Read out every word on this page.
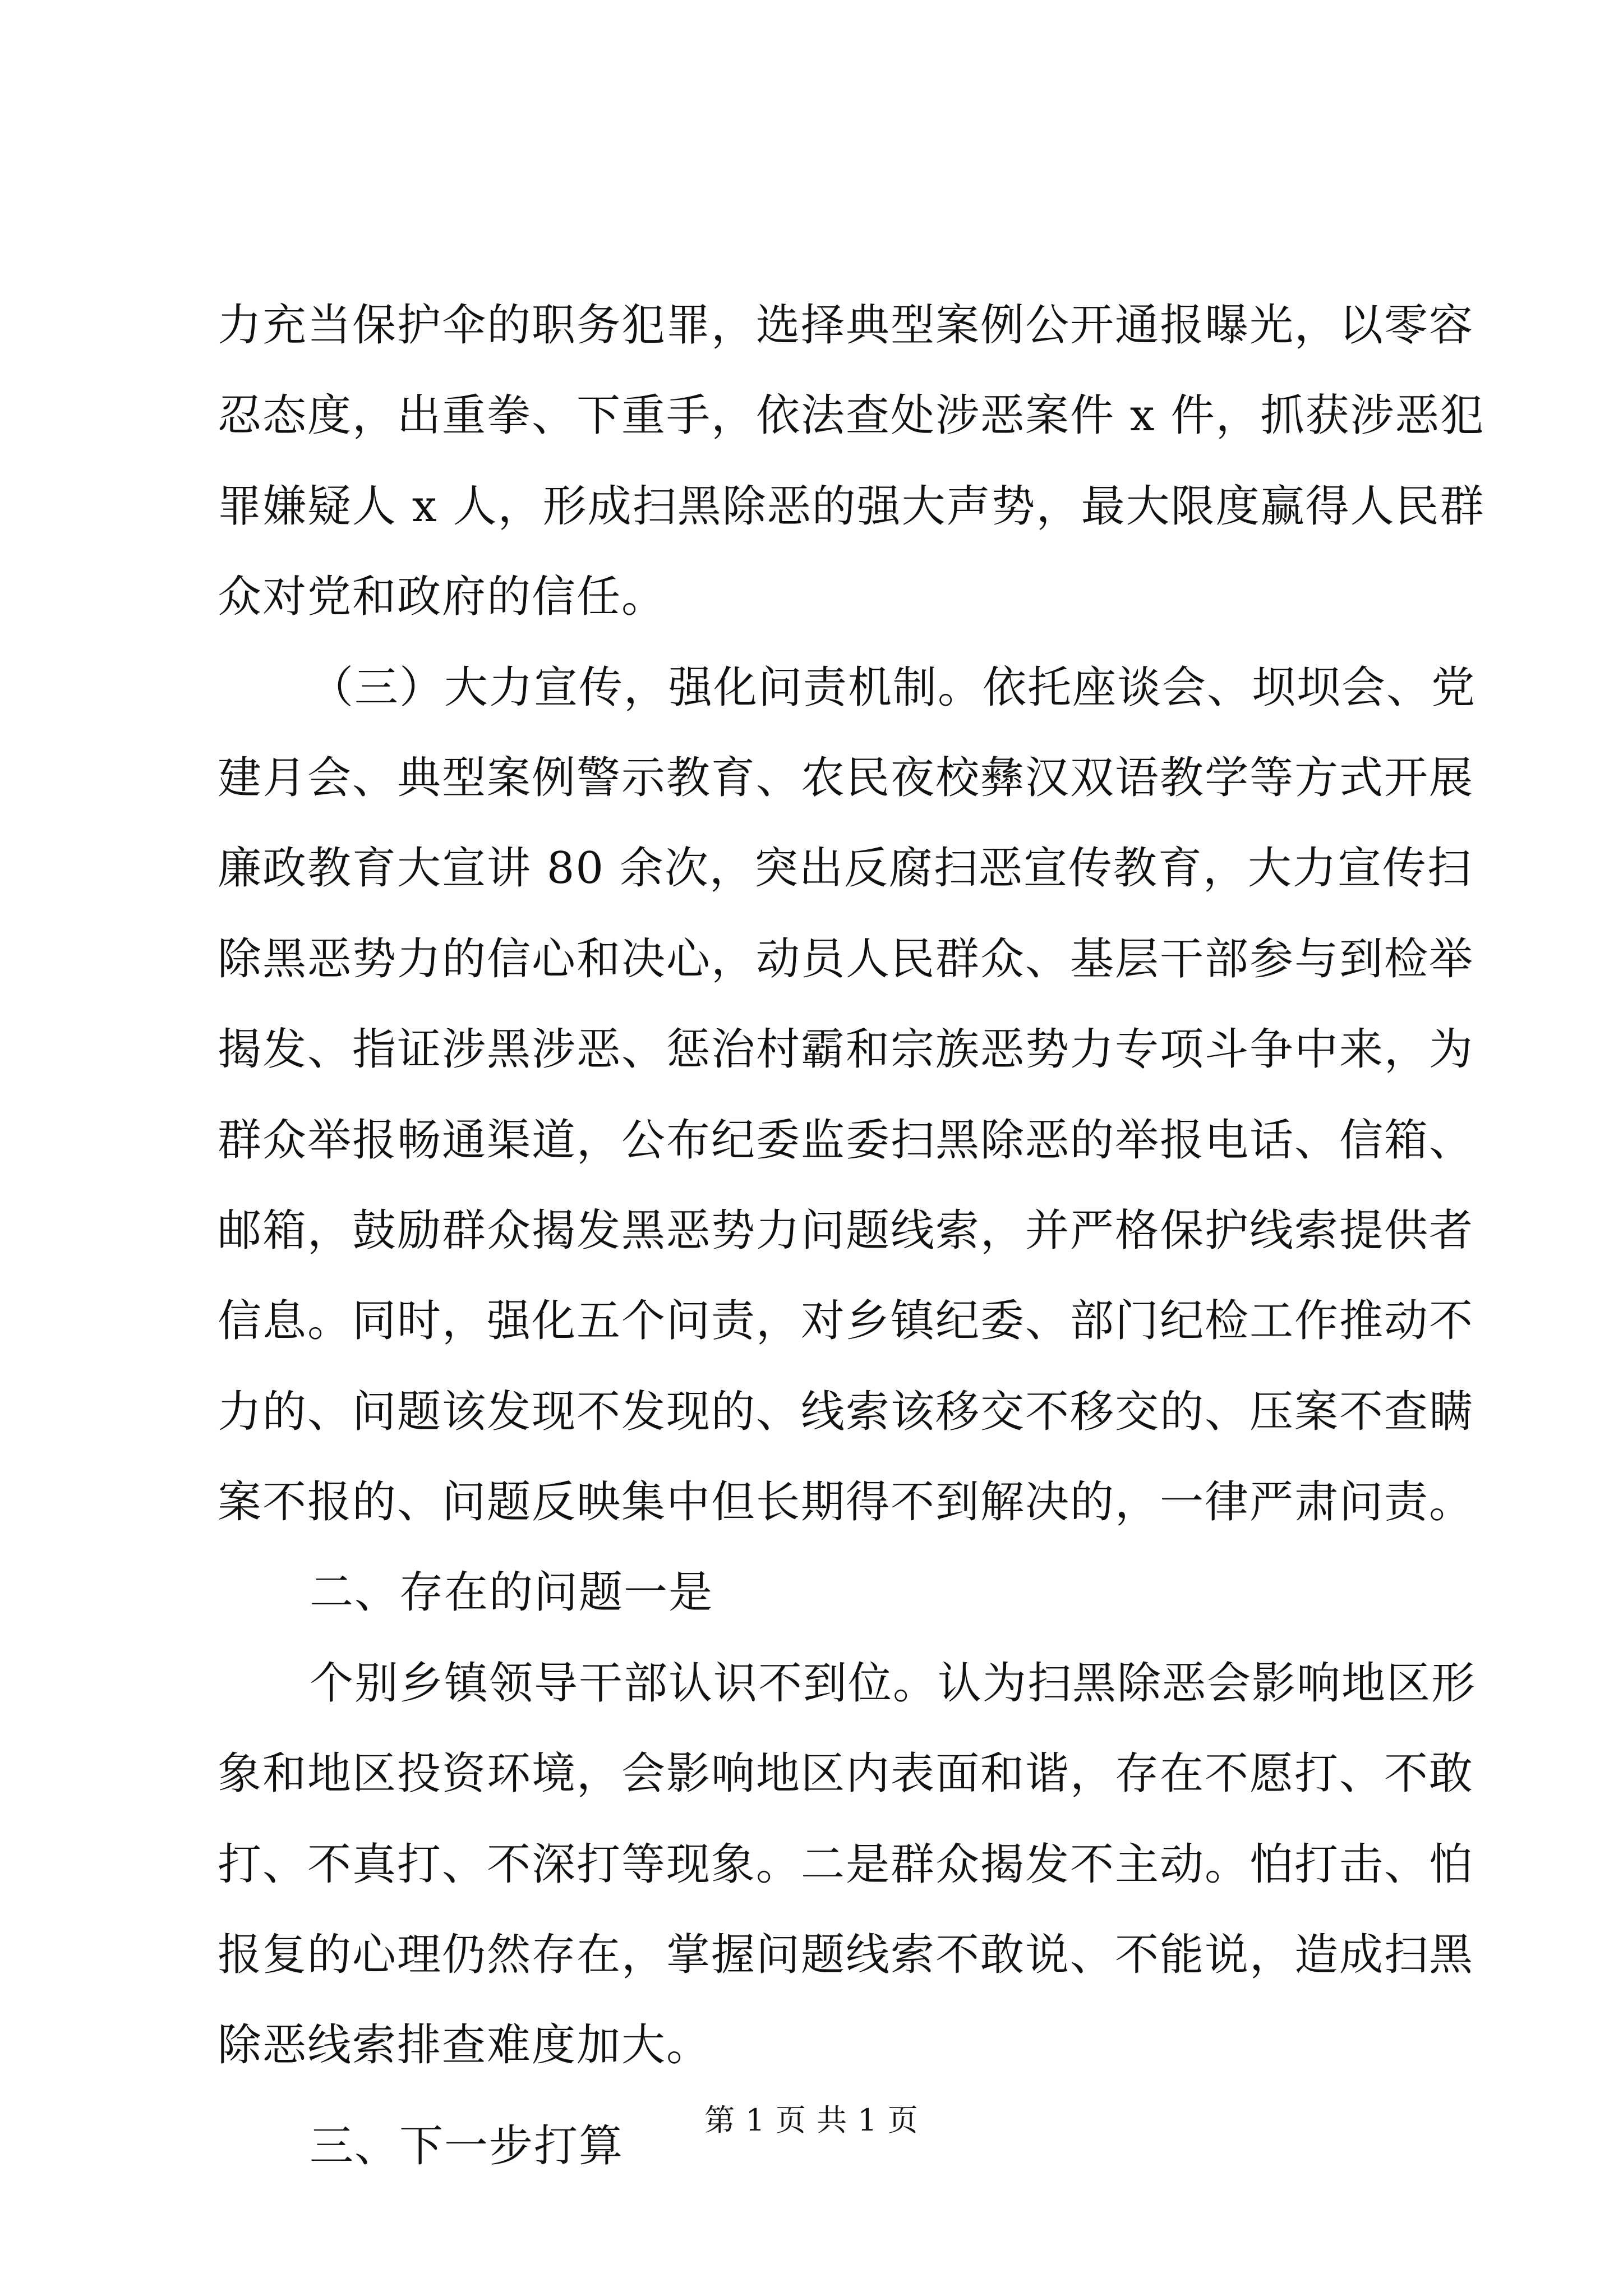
力充当保护伞的职务犯罪，选择典型案例公开通报曝光，以零容
忍态度，出重拳、下重手，依法查处涉恶案件 x 件，抓获涉恶犯
罪嫌疑人 x 人，形成扫黑除恶的强大声势，最大限度赢得人民群
众对党和政府的信任。
（三）大力宣传，强化问责机制。依托座谈会、坝坝会、党
建月会、典型案例警示教育、农民夜校彝汉双语教学等方式开展
廉政教育大宣讲 80 余次，突出反腐扫恶宣传教育，大力宣传扫
除黑恶势力的信心和决心，动员人民群众、基层干部参与到检举
揭发、指证涉黑涉恶、惩治村霸和宗族恶势力专项斗争中来，为
群众举报畅通渠道，公布纪委监委扫黑除恶的举报电话、信箱、
邮箱，鼓励群众揭发黑恶势力问题线索，并严格保护线索提供者
信息。同时，强化五个问责，对乡镇纪委、部门纪检工作推动不
力的、问题该发现不发现的、线索该移交不移交的、压案不查瞒
案不报的、问题反映集中但长期得不到解决的，一律严肃问责。
二、存在的问题一是
个别乡镇领导干部认识不到位。认为扫黑除恶会影响地区形
象和地区投资环境，会影响地区内表面和谐，存在不愿打、不敢
打、不真打、不深打等现象。二是群众揭发不主动。怕打击、怕
报复的心理仍然存在，掌握问题线索不敢说、不能说，造成扫黑
除恶线索排查难度加大。
三、下一步打算
第 1 页 共 1 页
